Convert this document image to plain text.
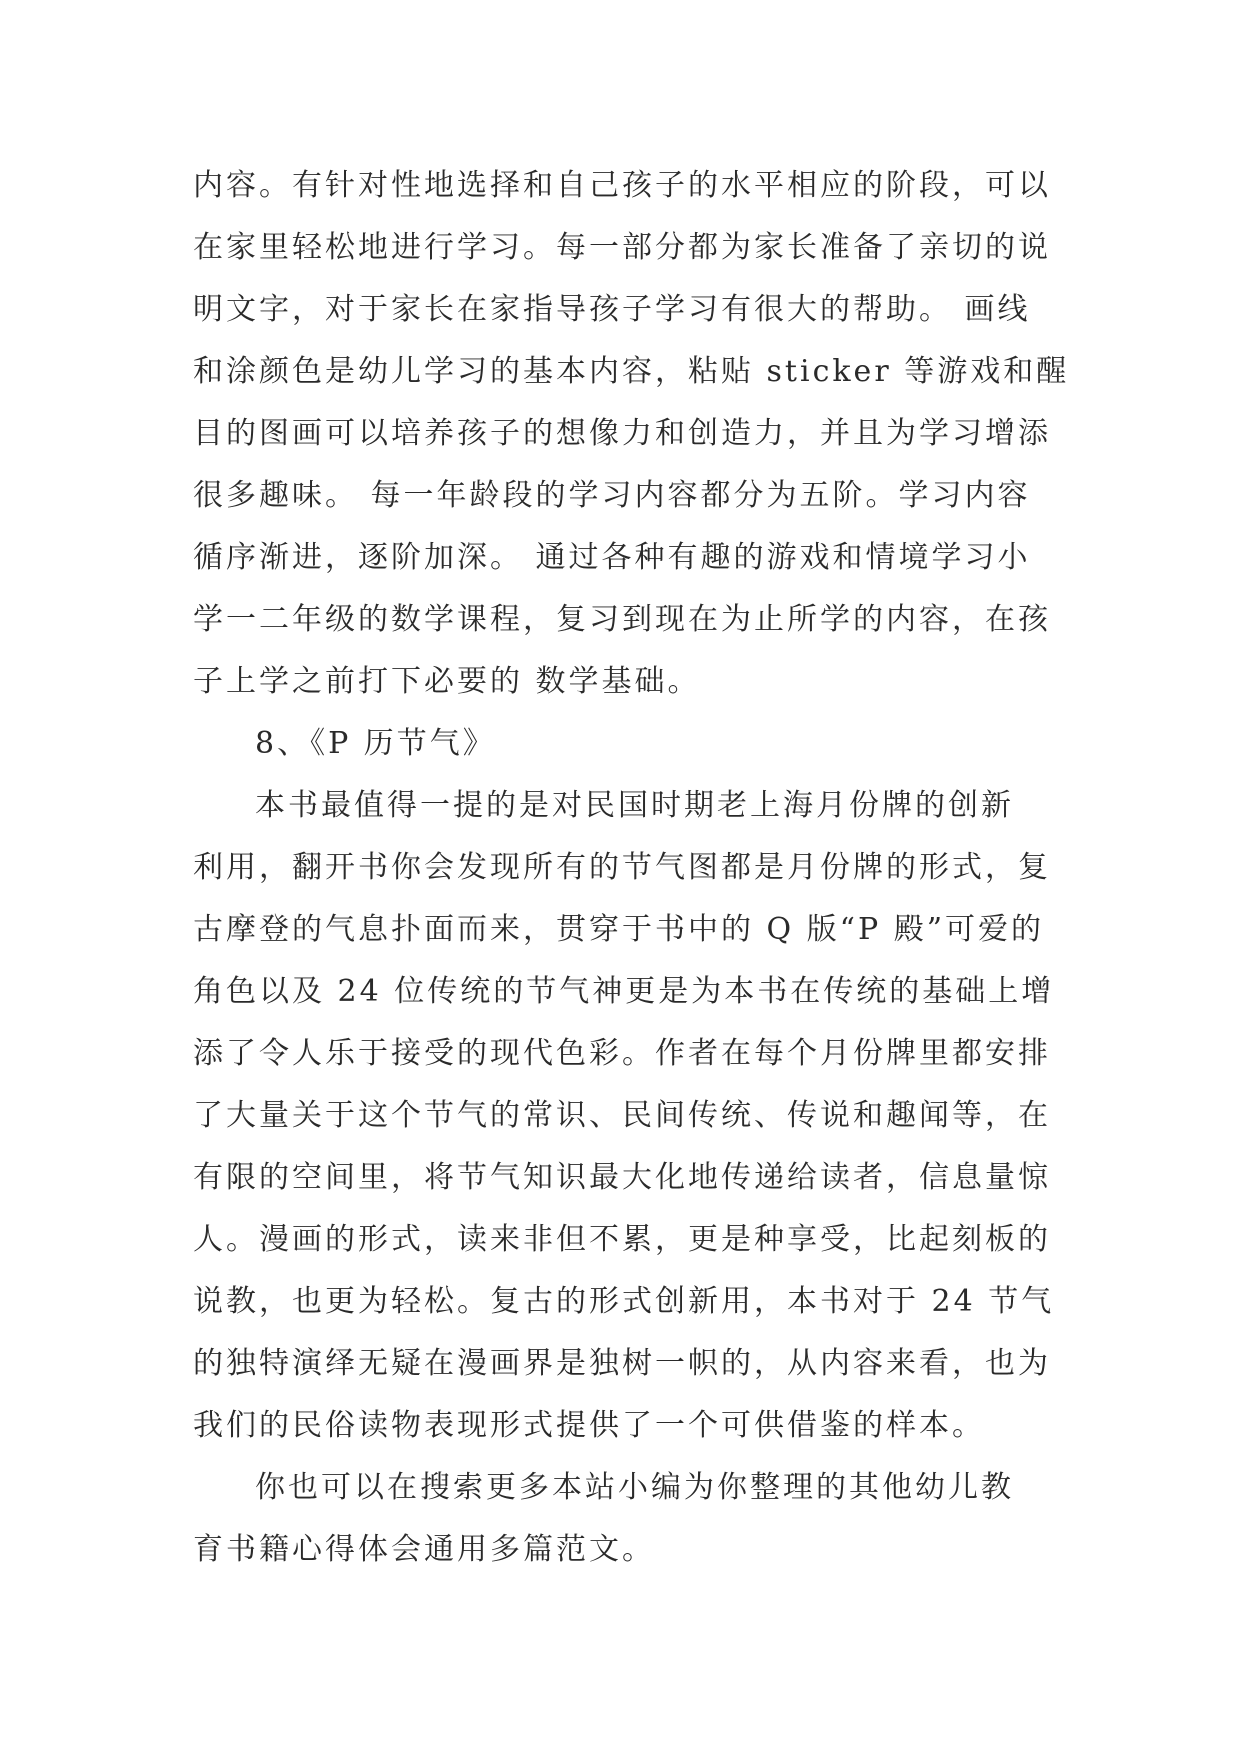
内容。有针对性地选择和自己孩子的水平相应的阶段，可以
在家里轻松地进行学习。每一部分都为家长准备了亲切的说
明文字，对于家长在家指导孩子学习有很大的帮助。 画线
和涂颜色是幼儿学习的基本内容，粘贴 sticker 等游戏和醒
目的图画可以培养孩子的想像力和创造力，并且为学习增添
很多趣味。 每一年龄段的学习内容都分为五阶。学习内容
循序渐进，逐阶加深。 通过各种有趣的游戏和情境学习小
学一二年级的数学课程，复习到现在为止所学的内容，在孩
子上学之前打下必要的 数学基础。
8、《P 历节气》
本书最值得一提的是对民国时期老上海月份牌的创新
利用，翻开书你会发现所有的节气图都是月份牌的形式，复
古摩登的气息扑面而来，贯穿于书中的 Q 版“P 殿”可爱的
角色以及 24 位传统的节气神更是为本书在传统的基础上增
添了令人乐于接受的现代色彩。作者在每个月份牌里都安排
了大量关于这个节气的常识、民间传统、传说和趣闻等，在
有限的空间里，将节气知识最大化地传递给读者，信息量惊
人。漫画的形式，读来非但不累，更是种享受，比起刻板的
说教，也更为轻松。复古的形式创新用，本书对于 24 节气
的独特演绎无疑在漫画界是独树一帜的，从内容来看，也为
我们的民俗读物表现形式提供了一个可供借鉴的样本。
你也可以在搜索更多本站小编为你整理的其他幼儿教
育书籍心得体会通用多篇范文。
